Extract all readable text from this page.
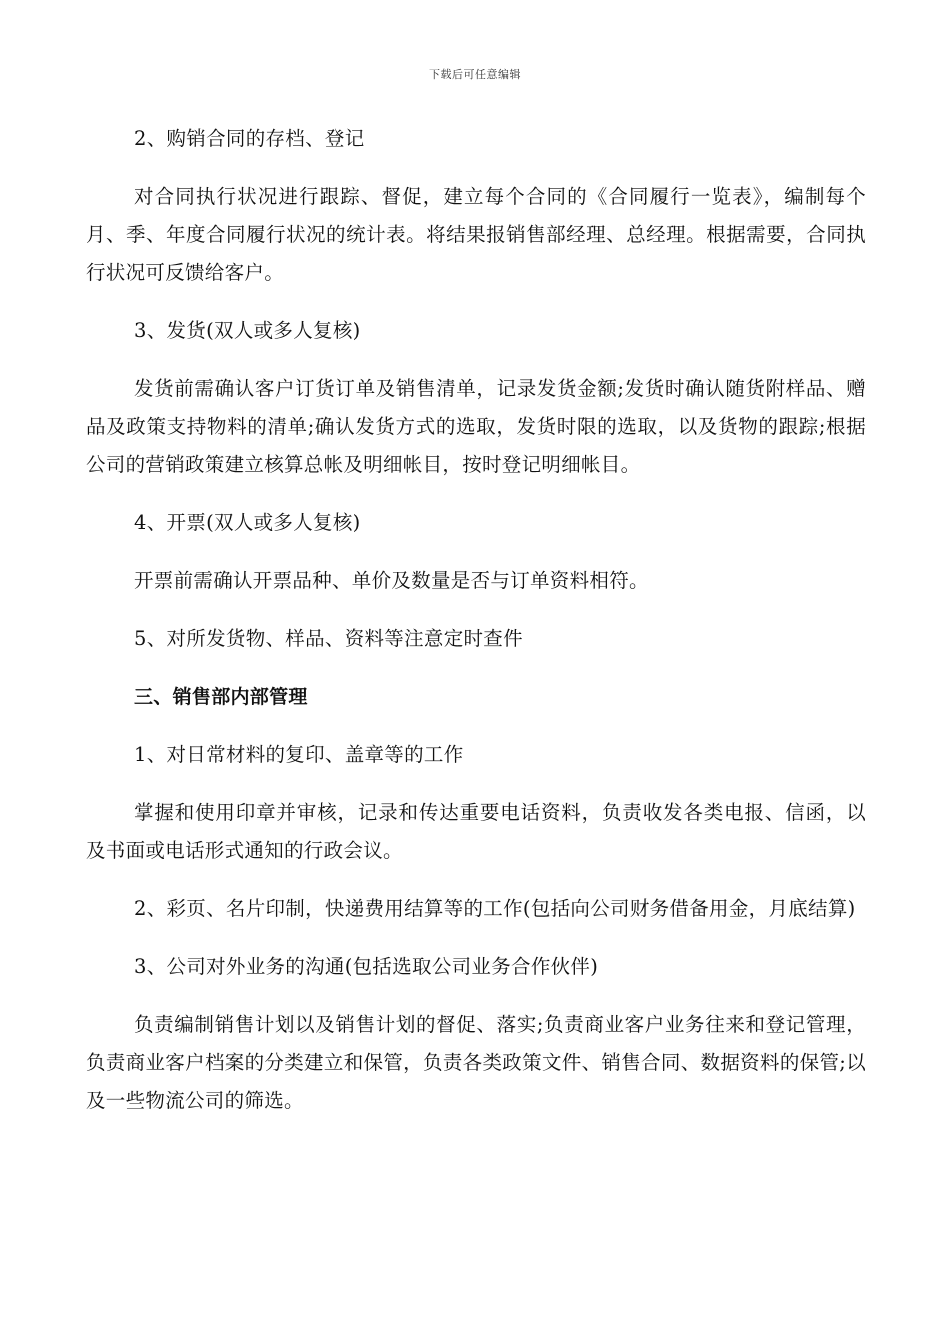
下载后可任意编辑

2、购销合同的存档、登记

对合同执行状况进行跟踪、督促，建立每个合同的《合同履行一览表》，编制每个月、季、年度合同履行状况的统计表。将结果报销售部经理、总经理。根据需要，合同执行状况可反馈给客户。

3、发货(双人或多人复核)

发货前需确认客户订货订单及销售清单，记录发货金额;发货时确认随货附样品、赠品及政策支持物料的清单;确认发货方式的选取，发货时限的选取，以及货物的跟踪;根据公司的营销政策建立核算总帐及明细帐目，按时登记明细帐目。

4、开票(双人或多人复核)

开票前需确认开票品种、单价及数量是否与订单资料相符。

5、对所发货物、样品、资料等注意定时查件

三、销售部内部管理

1、对日常材料的复印、盖章等的工作

掌握和使用印章并审核，记录和传达重要电话资料，负责收发各类电报、信函，以及书面或电话形式通知的行政会议。

2、彩页、名片印制，快递费用结算等的工作(包括向公司财务借备用金，月底结算)

3、公司对外业务的沟通(包括选取公司业务合作伙伴)

负责编制销售计划以及销售计划的督促、落实;负责商业客户业务往来和登记管理，负责商业客户档案的分类建立和保管，负责各类政策文件、销售合同、数据资料的保管;以及一些物流公司的筛选。
